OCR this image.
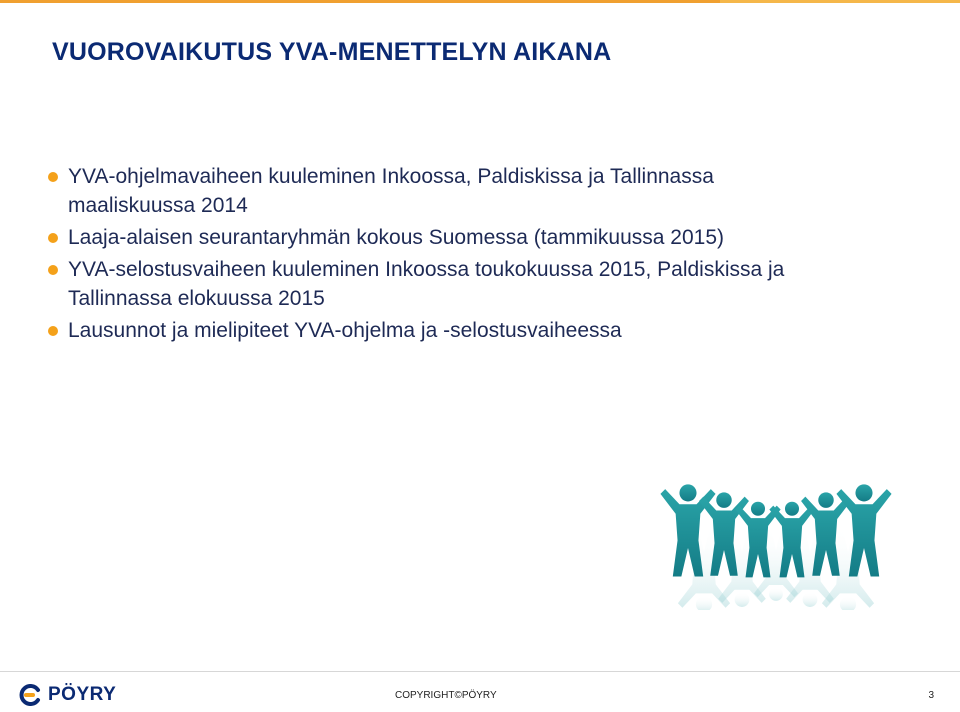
VUOROVAIKUTUS YVA-MENETTELYN AIKANA
YVA-ohjelmavaiheen kuuleminen Inkoossa, Paldiskissa ja Tallinnassa maaliskuussa 2014
Laaja-alaisen seurantaryhmän kokous Suomessa (tammikuussa 2015)
YVA-selostusvaiheen kuuleminen Inkoossa toukokuussa 2015, Paldiskissa ja Tallinnassa elokuussa 2015
Lausunnot ja mielipiteet YVA-ohjelma ja -selostusvaiheessa
PÖYRY	COPYRIGHT©PÖYRY	3
